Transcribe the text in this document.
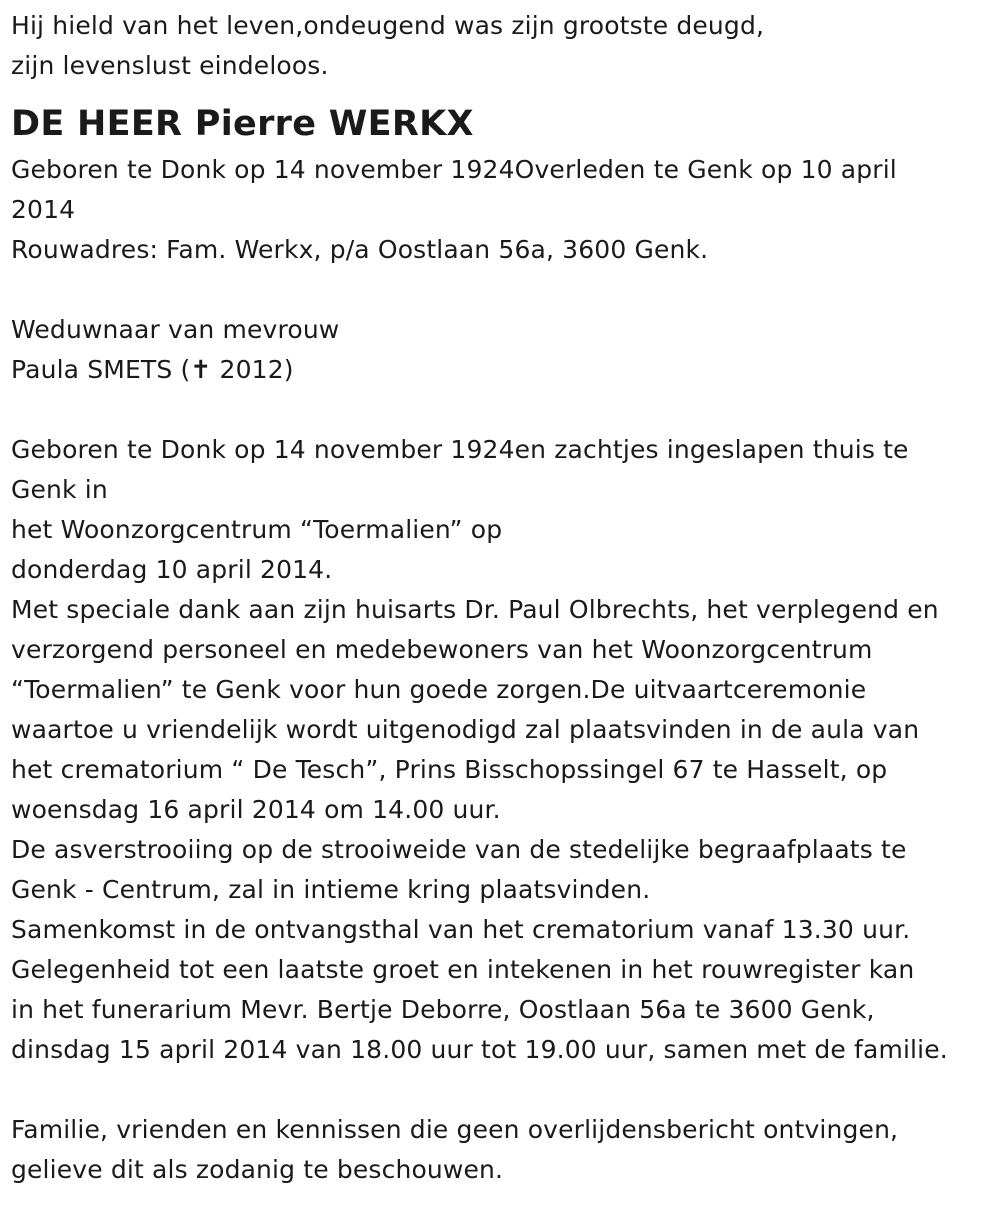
Hij hield van het leven,ondeugend was zijn grootste deugd,

zijn levenslust eindeloos.

DE HEER Pierre WERKX

Geboren te Donk op 14 november 1924Overleden te Genk op 10 april

2014

Rouwadres: Fam. Werkx, p/a Oostlaan 56a, 3600 Genk.

Weduwnaar van mevrouw

Paula SMETS (✝ 2012)

Geboren te Donk op 14 november 1924en zachtjes ingeslapen thuis te

Genk in

het Woonzorgcentrum “Toermalien” op

donderdag 10 april 2014.

Met speciale dank aan zijn huisarts Dr. Paul Olbrechts, het verplegend en

verzorgend personeel en medebewoners van het Woonzorgcentrum

“Toermalien” te Genk voor hun goede zorgen.De uitvaartceremonie

waartoe u vriendelijk wordt uitgenodigd zal plaatsvinden in de aula van

het crematorium “ De Tesch”, Prins Bisschopssingel 67 te Hasselt, op

woensdag 16 april 2014 om 14.00 uur.

De asverstrooiing op de strooiweide van de stedelijke begraafplaats te

Genk - Centrum, zal in intieme kring plaatsvinden.

Samenkomst in de ontvangsthal van het crematorium vanaf 13.30 uur.

Gelegenheid tot een laatste groet en intekenen in het rouwregister kan

in het funerarium Mevr. Bertje Deborre, Oostlaan 56a te 3600 Genk,

dinsdag 15 april 2014 van 18.00 uur tot 19.00 uur, samen met de familie.

Familie, vrienden en kennissen die geen overlijdensbericht ontvingen,

gelieve dit als zodanig te beschouwen.
